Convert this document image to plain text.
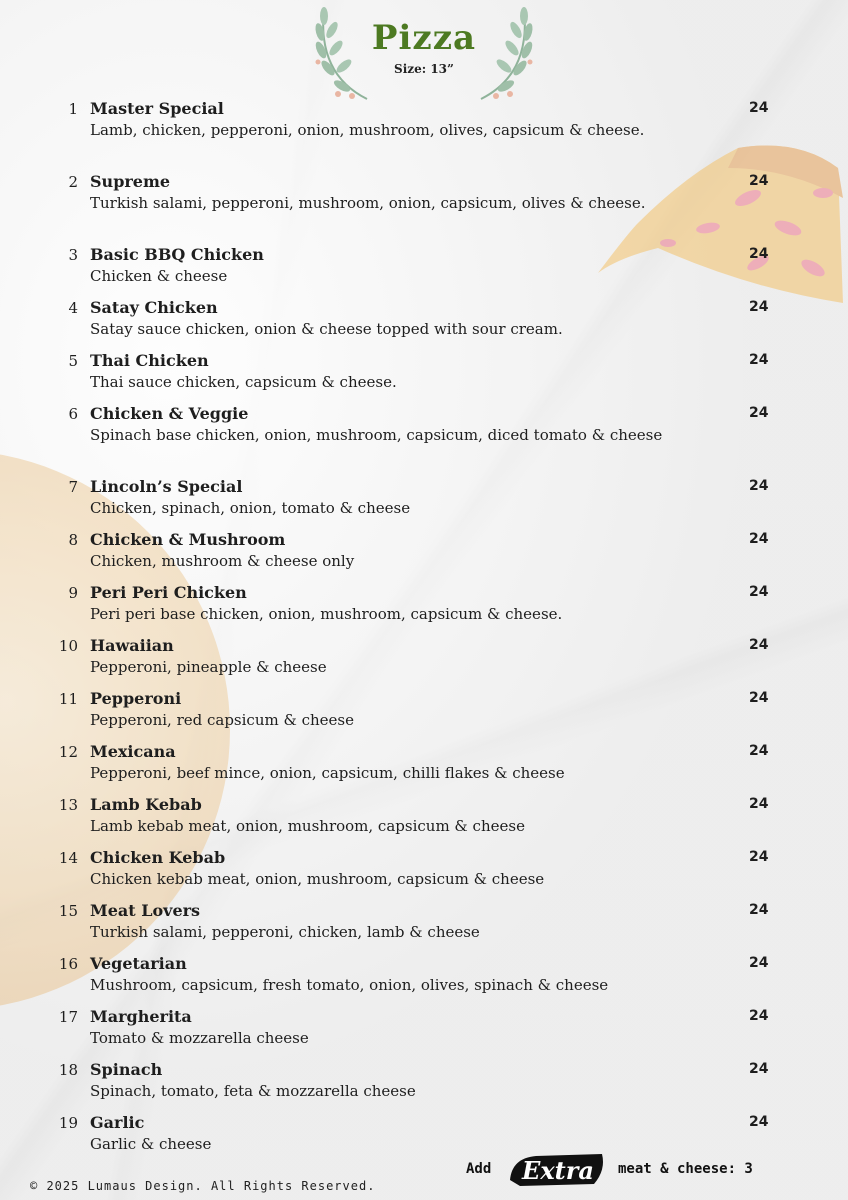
Pizza
Size: 13”
1 Master Special
Lamb, chicken, pepperoni, onion, mushroom, olives, capsicum & cheese.
24
2 Supreme
Turkish salami, pepperoni, mushroom, onion, capsicum, olives & cheese.
24
3 Basic BBQ Chicken
Chicken & cheese
24
4 Satay Chicken
Satay sauce chicken, onion & cheese topped with sour cream.
24
5 Thai Chicken
Thai sauce chicken, capsicum & cheese.
24
6 Chicken & Veggie
Spinach base chicken, onion, mushroom, capsicum, diced tomato & cheese
24
7 Lincoln’s Special
Chicken, spinach, onion, tomato & cheese
24
8 Chicken & Mushroom
Chicken, mushroom & cheese only
24
9 Peri Peri Chicken
Peri peri base chicken, onion, mushroom, capsicum & cheese.
24
10 Hawaiian
Pepperoni, pineapple & cheese
24
11 Pepperoni
Pepperoni, red capsicum & cheese
24
12 Mexicana
Pepperoni, beef mince, onion, capsicum, chilli flakes & cheese
24
13 Lamb Kebab
Lamb kebab meat, onion, mushroom, capsicum & cheese
24
14 Chicken Kebab
Chicken kebab meat, onion, mushroom, capsicum & cheese
24
15 Meat Lovers
Turkish salami, pepperoni, chicken, lamb & cheese
24
16 Vegetarian
Mushroom, capsicum, fresh tomato, onion, olives, spinach & cheese
24
17 Margherita
Tomato & mozzarella cheese
24
18 Spinach
Spinach, tomato, feta & mozzarella cheese
24
19 Garlic
Garlic & cheese
24
Add Extra meat & cheese: 3
© 2025 Lumaus Design. All Rights Reserved.
